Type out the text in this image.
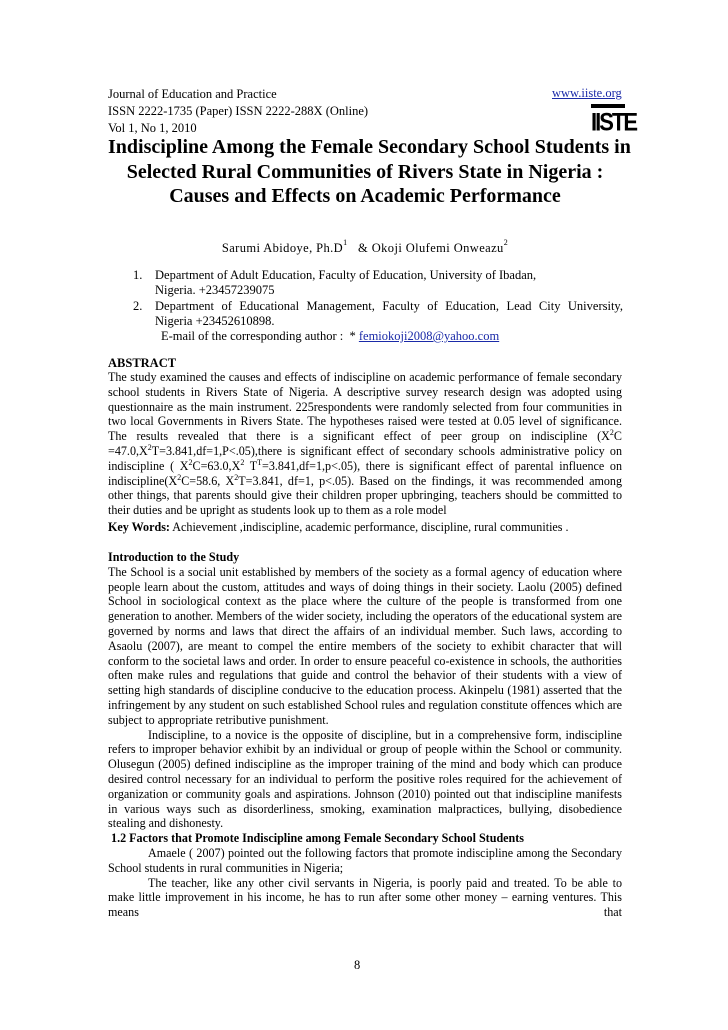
Journal of Education and Practice	www.iiste.org
ISSN 2222-1735 (Paper) ISSN 2222-288X (Online)
Vol 1, No 1, 2010	IISTE
Indiscipline Among the Female Secondary School Students in
Selected Rural Communities of Rivers State in Nigeria :
Causes and Effects on Academic Performance
Sarumi Abidoye, $Ph.D^1$   & Okoji Olufemi Onweazu$^2$
1. Department of Adult Education, Faculty of Education, University of Ibadan,
Nigeria. +23457239075
2. Department of Educational Management, Faculty of Education, Lead City University,

Nigeria +23452610898.
E-mail of the corresponding author :  * femiokoji2008@yahoo.com
ABSTRACT

The study examined the causes and effects of indiscipline on academic performance of female secondary school students in Rivers State of Nigeria. A descriptive survey research design was adopted using questionnaire as the main instrument. 225respondents were randomly selected from four communities in two local Governments in Rivers State. The hypotheses raised were tested at 0.05 level of significance. The results revealed that there is a significant effect of peer group on indiscipline ($X^2C$ $=47.0,X^2T=3.841,df=1,P<.05),there$ is significant effect of secondary schools administrative policy on indiscipline ( $X^2C=63.0,X^2$ $T^T=3.841,df=1,p<.05$), there is significant effect of parental influence on $indiscipline(X^2C=58.6$, $X^2T=3.841$, df=1, p<.05). Based on the findings, it was recommended among other things, that parents should give their children proper upbringing, teachers should be committed to their duties and be upright as students look up to them as a role model

Key Words: Achievement ,indiscipline, academic performance, discipline, rural communities .

Introduction to the Study

The School is a social unit established by members of the society as a formal agency of education where people learn about the custom, attitudes and ways of doing things in their society. Laolu (2005) defined School in sociological context as the place where the culture of the people is transformed from one generation to another. Members of the wider society, including the operators of the educational system are governed by norms and laws that direct the affairs of an individual member. Such laws, according to Asaolu (2007), are meant to compel the entire members of the society to exhibit character that will conform to the societal laws and order. In order to ensure peaceful co-existence in schools, the authorities often make rules and regulations that guide and control the behavior of their students with a view of setting high standards of discipline conducive to the education process. Akinpelu (1981) asserted that the infringement by any student on such established School rules and regulation constitute offences which are subject to appropriate retributive punishment.

Indiscipline, to a novice is the opposite of discipline, but in a comprehensive form, indiscipline refers to improper behavior exhibit by an individual or group of people within the School or community. Olusegun (2005) defined indiscipline as the improper training of the mind and body which can produce desired control necessary for an individual to perform the positive roles required for the achievement of organization or community goals and aspirations. Johnson (2010) pointed out that indiscipline manifests in various ways such as disorderliness, smoking, examination malpractices, bullying, disobedience stealing and dishonesty.

1.2 Factors that Promote Indiscipline among Female Secondary School Students

Amaele ( 2007) pointed out the following factors that promote indiscipline among the Secondary School students in rural communities in Nigeria;

The teacher, like any other civil servants in Nigeria, is poorly paid and treated. To be able to make little improvement in his income, he has to run after some other money – earning ventures. This means that

8
